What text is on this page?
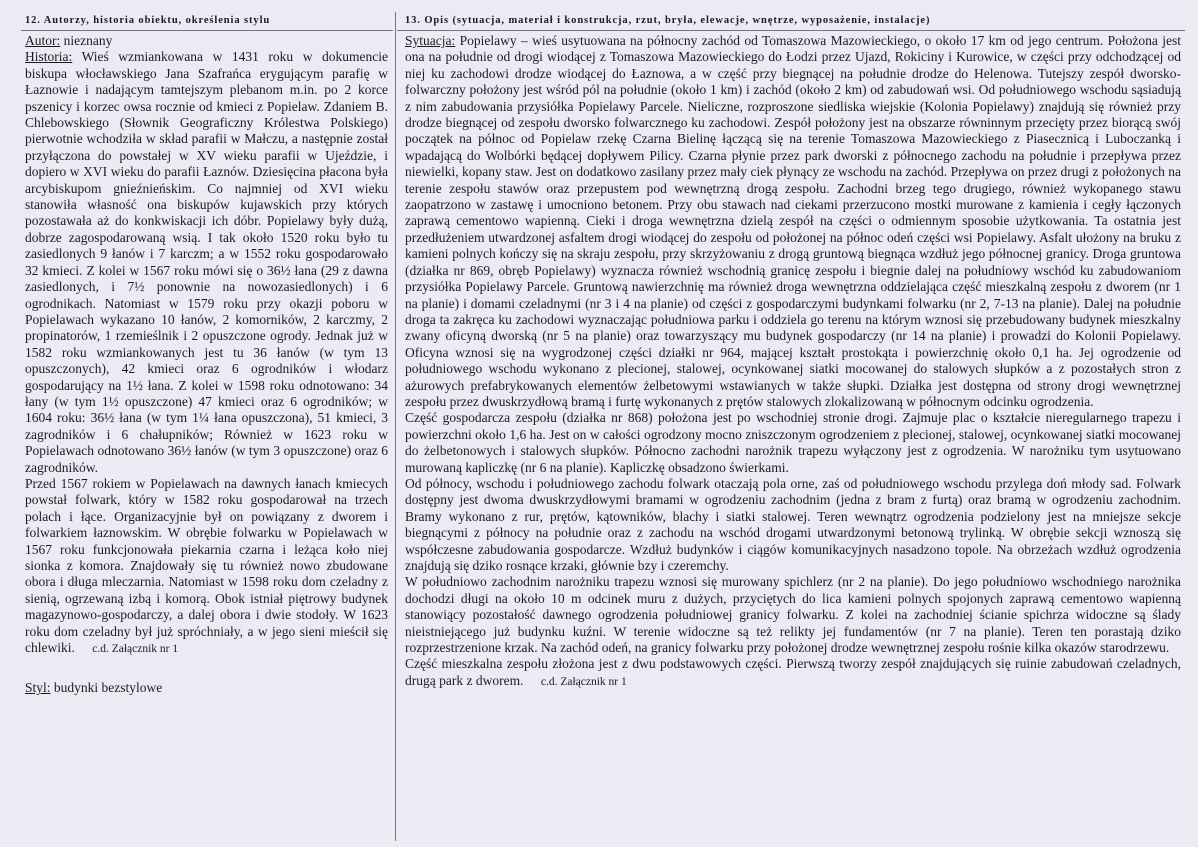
12. Autorzy, historia obiektu, określenia stylu

Autor: nieznany

Historia: Wieś wzmiankowana w 1431 roku w dokumencie biskupa włocławskiego Jana Szafrańca erygującym parafię w Łaznowie i nadającym tamtejszym plebanom m.in. po 2 korce pszenicy i korzec owsa rocznie od kmieci z Popielaw. Zdaniem B. Chlebowskiego (Słownik Geograficzny Królestwa Polskiego) pierwotnie wchodziła w skład parafii w Małczu, a następnie został przyłączona do powstałej w XV wieku parafii w Ujeździe, i dopiero w XVI wieku do parafii Łaznów. Dziesięcina płacona była arcybiskupom gnieźnieńskim. Co najmniej od XVI wieku stanowiła własność ona biskupów kujawskich przy których pozostawała aż do konkwiskacji ich dóbr. Popielawy były dużą, dobrze zagospodarowaną wsią. I tak około 1520 roku było tu zasiedlonych 9 łanów i 7 karczm; a w 1552 roku gospodarowało 32 kmieci. Z kolei w 1567 roku mówi się o 36½ łana (29 z dawna zasiedlonych, i 7½ ponownie na nowozasiedlonych) i 6 ogrodnikach. Natomiast w 1579 roku przy okazji poboru w Popielawach wykazano 10 łanów, 2 komorników, 2 karczmy, 2 propinatorów, 1 rzemieślnik i 2 opuszczone ogrody. Jednak już w 1582 roku wzmiankowanych jest tu 36 łanów (w tym 13 opuszczonych), 42 kmieci oraz 6 ogrodników i włodarz gospodarujący na 1½ łana. Z kolei w 1598 roku odnotowano: 34 łany (w tym 1½ opuszczone) 47 kmieci oraz 6 ogrodników; w 1604 roku: 36½ łana (w tym 1¼ łana opuszczona), 51 kmieci, 3 zagrodników i 6 chałupników; Również w 1623 roku w Popielawach odnotowano 36½ łanów (w tym 3 opuszczone) oraz 6 zagrodników.

Przed 1567 rokiem w Popielawach na dawnych łanach kmiecych powstał folwark, który w 1582 roku gospodarował na trzech polach i łące. Organizacyjnie był on powiązany z dworem i folwarkiem łaznowskim. W obrębie folwarku w Popielawach w 1567 roku funkcjonowała piekarnia czarna i leżąca koło niej sionka z komora. Znajdowały się tu również nowo zbudowane obora i długa mleczarnia. Natomiast w 1598 roku dom czeladny z sienią, ogrzewaną izbą i komorą. Obok istniał piętrowy budynek magazynowo-gospodarczy, a dalej obora i dwie stodoły. W 1623 roku dom czeladny był już spróchniały, a w jego sieni mieścił się chlewiki. c.d. Załącznik nr 1

Styl: budynki bezstylowe

13. Opis (sytuacja, materiał i konstrukcja, rzut, bryła, elewacje, wnętrze, wyposażenie, instalacje)

Sytuacja: Popielawy – wieś usytuowana na północny zachód od Tomaszowa Mazowieckiego, o około 17 km od jego centrum. Położona jest ona na południe od drogi wiodącej z Tomaszowa Mazowieckiego do Łodzi przez Ujazd, Rokiciny i Kurowice, w części przy odchodzącej od niej ku zachodowi drodze wiodącej do Łaznowa, a w część przy biegnącej na południe drodze do Helenowa. Tutejszy zespół dworsko-folwarczny położony jest wśród pól na południe (około 1 km) i zachód (około 2 km) od zabudowań wsi. Od południowego wschodu sąsiadują z nim zabudowania przysiółka Popielawy Parcele. Nieliczne, rozproszone siedliska wiejskie (Kolonia Popielawy) znajdują się również przy drodze biegnącej od zespołu dworsko folwarcznego ku zachodowi. Zespół położony jest na obszarze równinnym przecięty przez biorącą swój początek na północ od Popielaw rzekę Czarna Bielinę łączącą się na terenie Tomaszowa Mazowieckiego z Piasecznicą i Luboczanką i wpadającą do Wolbórki będącej dopływem Pilicy. Czarna płynie przez park dworski z północnego zachodu na południe i przepływa przez niewielki, kopany staw. Jest on dodatkowo zasilany przez mały ciek płynący ze wschodu na zachód. Przepływa on przez drugi z położonych na terenie zespołu stawów oraz przepustem pod wewnętrzną drogą zespołu. Zachodni brzeg tego drugiego, również wykopanego stawu zaopatrzono w zastawę i umocniono betonem. Przy obu stawach nad ciekami przerzucono mostki murowane z kamienia i cegły łączonych zaprawą cementowo wapienną. Cieki i droga wewnętrzna dzielą zespół na części o odmiennym sposobie użytkowania. Ta ostatnia jest przedłużeniem utwardzonej asfaltem drogi wiodącej do zespołu od położonej na północ odeń części wsi Popielawy. Asfalt ułożony na bruku z kamieni polnych kończy się na skraju zespołu, przy skrzyżowaniu z drogą gruntową biegnąca wzdłuż jego północnej granicy. Droga gruntowa (działka nr 869, obręb Popielawy) wyznacza również wschodnią granicę zespołu i biegnie dalej na południowy wschód ku zabudowaniom przysiółka Popielawy Parcele. Gruntową nawierzchnię ma również droga wewnętrzna oddzielająca część mieszkalną zespołu z dworem (nr 1 na planie) i domami czeladnymi (nr 3 i 4 na planie) od części z gospodarczymi budynkami folwarku (nr 2, 7-13 na planie). Dalej na południe droga ta zakręca ku zachodowi wyznaczając południowa parku i oddziela go terenu na którym wznosi się przebudowany budynek mieszkalny zwany oficyną dworską (nr 5 na planie) oraz towarzyszący mu budynek gospodarczy (nr 14 na planie) i prowadzi do Kolonii Popielawy. Oficyna wznosi się na wygrodzonej części działki nr 964, mającej kształt prostokąta i powierzchnię około 0,1 ha. Jej ogrodzenie od południowego wschodu wykonano z plecionej, stalowej, ocynkowanej siatki mocowanej do stalowych słupków a z pozostałych stron z ażurowych prefabrykowanych elementów żelbetowymi wstawianych w także słupki. Działka jest dostępna od strony drogi wewnętrznej zespołu przez dwuskrzydłową bramą i furtę wykonanych z prętów stalowych zlokalizowaną w północnym odcinku ogrodzenia.

Część gospodarcza zespołu (działka nr 868) położona jest po wschodniej stronie drogi. Zajmuje plac o kształcie nieregularnego trapezu i powierzchni około 1,6 ha. Jest on w całości ogrodzony mocno zniszczonym ogrodzeniem z plecionej, stalowej, ocynkowanej siatki mocowanej do żelbetonowych i stalowych słupków. Północno zachodni narożnik trapezu wyłączony jest z ogrodzenia. W narożniku tym usytuowano murowaną kapliczkę (nr 6 na planie). Kapliczkę obsadzono świerkami.

Od północy, wschodu i południowego zachodu folwark otaczają pola orne, zaś od południowego wschodu przylega doń młody sad. Folwark dostępny jest dwoma dwuskrzydłowymi bramami w ogrodzeniu zachodnim (jedna z bram z furtą) oraz bramą w ogrodzeniu zachodnim. Bramy wykonano z rur, prętów, kątowników, blachy i siatki stalowej. Teren wewnątrz ogrodzenia podzielony jest na mniejsze sekcje biegnącymi z północy na południe oraz z zachodu na wschód drogami utwardzonymi betonową trylinką. W obrębie sekcji wznoszą się współczesne zabudowania gospodarcze. Wzdłuż budynków i ciągów komunikacyjnych nasadzono topole. Na obrzeżach wzdłuż ogrodzenia znajdują się dziko rosnące krzaki, głównie bzy i czeremchy.

W południowo zachodnim narożniku trapezu wznosi się murowany spichlerz (nr 2 na planie). Do jego południowo wschodniego narożnika dochodzi długi na około 10 m odcinek muru z dużych, przyciętych do lica kamieni polnych spojonych zaprawą cementowo wapienną stanowiący pozostałość dawnego ogrodzenia południowej granicy folwarku. Z kolei na zachodniej ścianie spichrza widoczne są ślady nieistniejącego już budynku kuźni. W terenie widoczne są też relikty jej fundamentów (nr 7 na planie). Teren ten porastają dziko rozprzestrzenione krzak. Na zachód odeń, na granicy folwarku przy położonej drodze wewnętrznej zespołu rośnie kilka okazów starodrzewu.

Część mieszkalna zespołu złożona jest z dwu podstawowych części. Pierwszą tworzy zespół znajdujących się ruinie zabudowań czeladnych, drugą park z dworem. c.d. Załącznik nr 1
